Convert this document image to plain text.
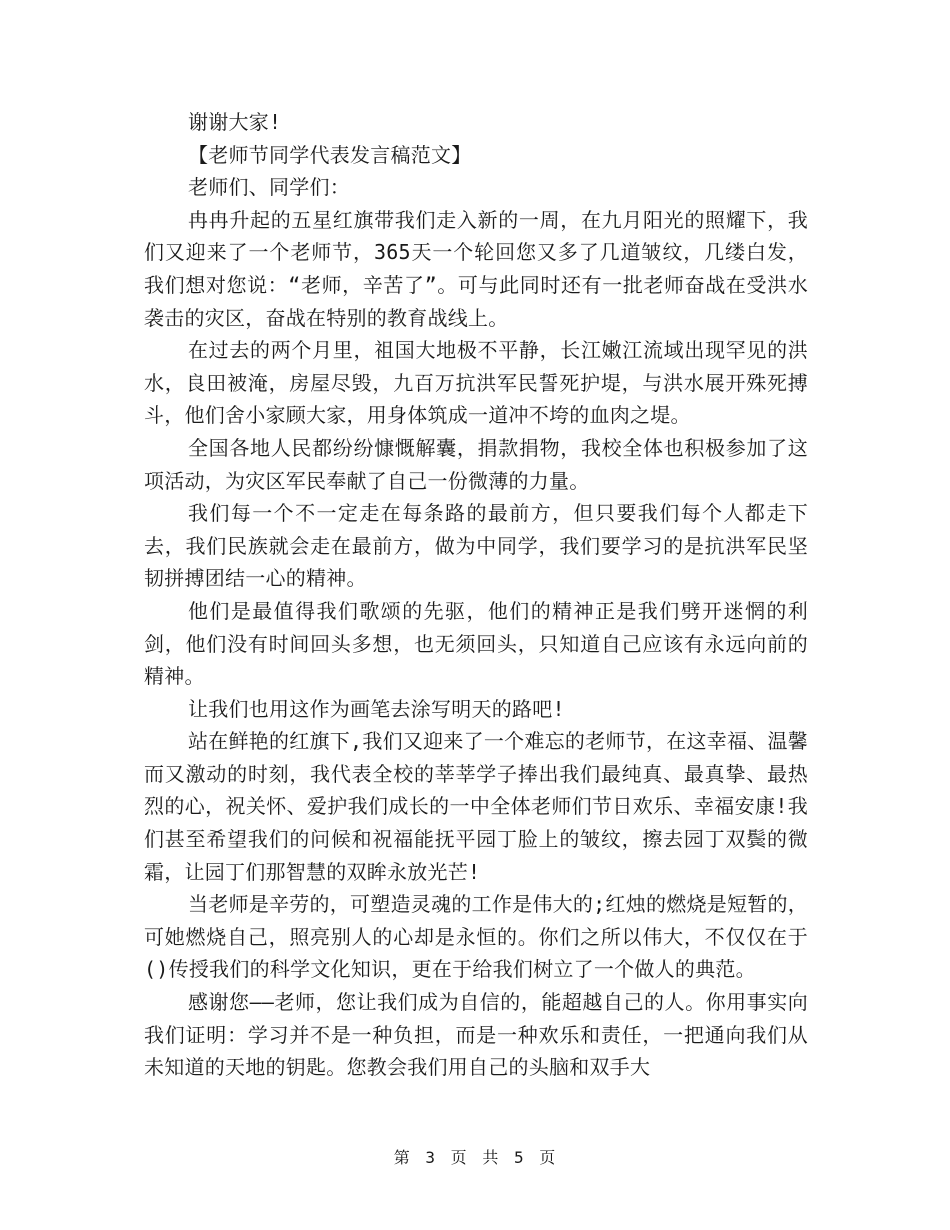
谢谢大家!

【老师节同学代表发言稿范文】

老师们、同学们：

冉冉升起的五星红旗带我们走入新的一周，在九月阳光的照耀下，我们又迎来了一个老师节，365天一个轮回您又多了几道皱纹，几缕白发，我们想对您说：“老师，辛苦了”。可与此同时还有一批老师奋战在受洪水袭击的灾区，奋战在特别的教育战线上。

在过去的两个月里，祖国大地极不平静，长江嫩江流域出现罕见的洪水，良田被淹，房屋尽毁，九百万抗洪军民誓死护堤，与洪水展开殊死搏斗，他们舍小家顾大家，用身体筑成一道冲不垮的血肉之堤。

全国各地人民都纷纷慷慨解囊，捐款捐物，我校全体也积极参加了这项活动，为灾区军民奉献了自己一份微薄的力量。

我们每一个不一定走在每条路的最前方，但只要我们每个人都走下去，我们民族就会走在最前方，做为中同学，我们要学习的是抗洪军民坚韧拼搏团结一心的精神。

他们是最值得我们歌颂的先驱，他们的精神正是我们劈开迷惘的利剑，他们没有时间回头多想，也无须回头，只知道自己应该有永远向前的精神。

让我们也用这作为画笔去涂写明天的路吧!

站在鲜艳的红旗下,我们又迎来了一个难忘的老师节，在这幸福、温馨而又激动的时刻，我代表全校的莘莘学子捧出我们最纯真、最真挚、最热烈的心，祝关怀、爱护我们成长的一中全体老师们节日欢乐、幸福安康!我们甚至希望我们的问候和祝福能抚平园丁脸上的皱纹，擦去园丁双鬓的微霜，让园丁们那智慧的双眸永放光芒!

当老师是辛劳的，可塑造灵魂的工作是伟大的;红烛的燃烧是短暂的，可她燃烧自己，照亮别人的心却是永恒的。你们之所以伟大，不仅仅在于()传授我们的科学文化知识，更在于给我们树立了一个做人的典范。

感谢您——老师，您让我们成为自信的，能超越自己的人。你用事实向我们证明：学习并不是一种负担，而是一种欢乐和责任，一把通向我们从未知道的天地的钥匙。您教会我们用自己的头脑和双手大

第 3 页 共 5 页
